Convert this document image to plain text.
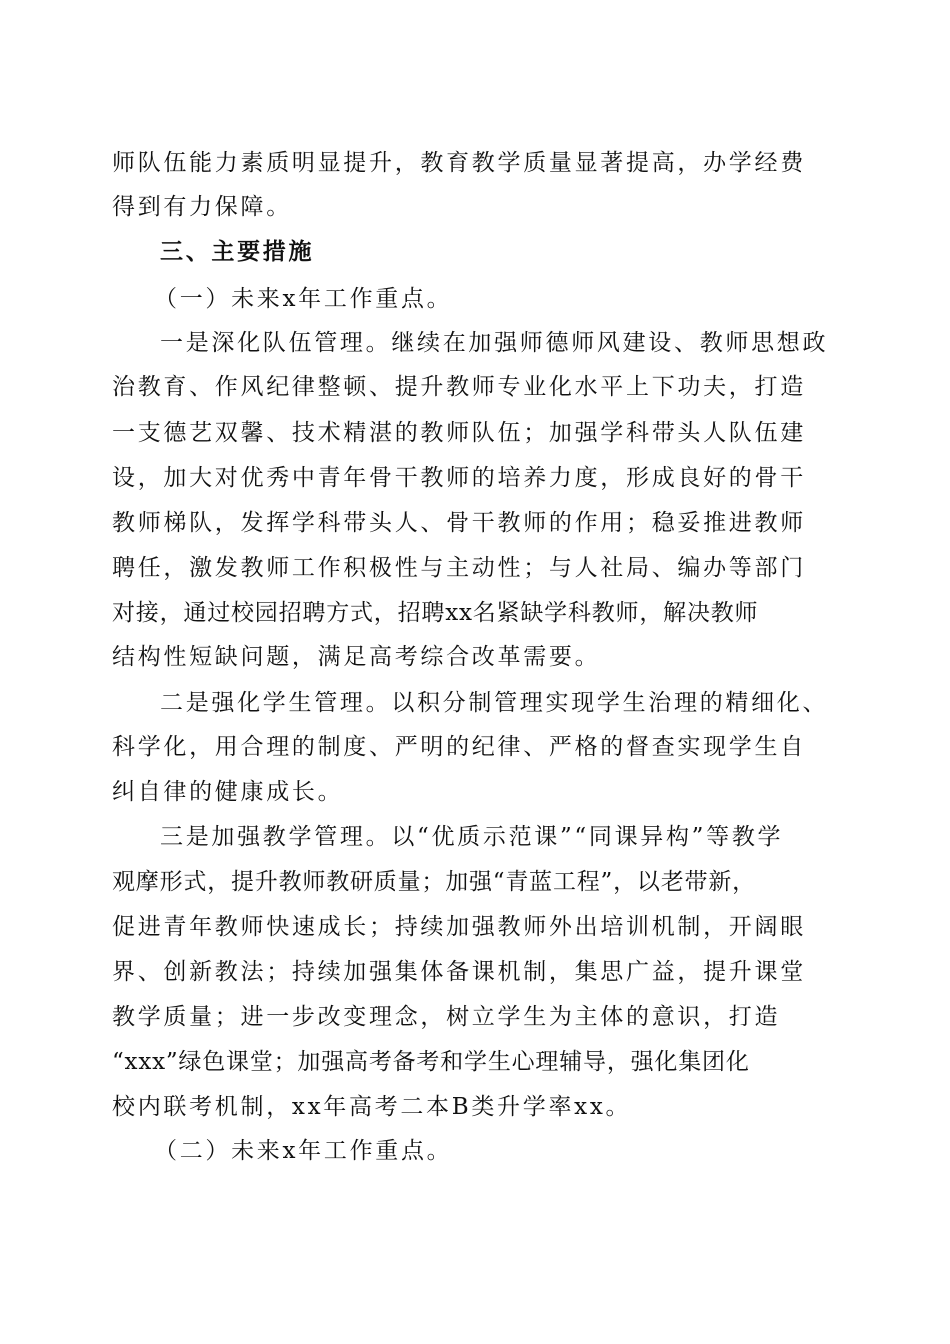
师队伍能力素质明显提升，教育教学质量显著提高，办学经费
得到有力保障。
三、主要措施
（一）未来x年工作重点。
一是深化队伍管理。继续在加强师德师风建设、教师思想政
治教育、作风纪律整顿、提升教师专业化水平上下功夫，打造
一支德艺双馨、技术精湛的教师队伍；加强学科带头人队伍建
设，加大对优秀中青年骨干教师的培养力度，形成良好的骨干
教师梯队，发挥学科带头人、骨干教师的作用；稳妥推进教师
聘任，激发教师工作积极性与主动性；与人社局、编办等部门
对接，通过校园招聘方式，招聘xx名紧缺学科教师，解决教师
结构性短缺问题，满足高考综合改革需要。
二是强化学生管理。以积分制管理实现学生治理的精细化、
科学化，用合理的制度、严明的纪律、严格的督查实现学生自
纠自律的健康成长。
三是加强教学管理。以“优质示范课”“同课异构”等教学
观摩形式，提升教师教研质量；加强“青蓝工程”，以老带新，
促进青年教师快速成长；持续加强教师外出培训机制，开阔眼
界、创新教法；持续加强集体备课机制，集思广益，提升课堂
教学质量；进一步改变理念，树立学生为主体的意识，打造
“xxx”绿色课堂；加强高考备考和学生心理辅导，强化集团化
校内联考机制，xx年高考二本B类升学率xx。
（二）未来x年工作重点。
